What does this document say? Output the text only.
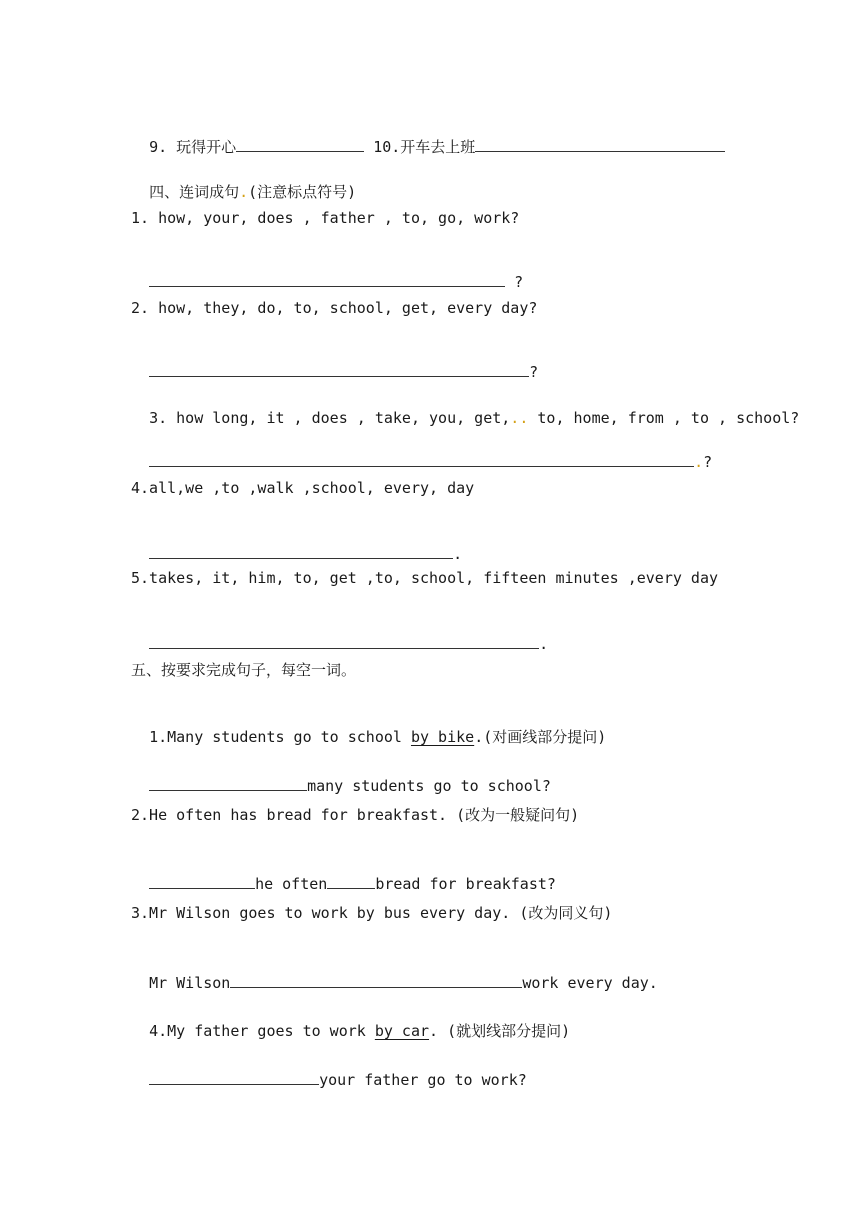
9. 玩得开心	10.开车去上班

四、连词成句.(注意标点符号)

1. how, your, does , father , to, go, work?

?

2. how, they, do, to, school, get, every day?

?

3. how long, it , does , take, you, get,.. to, home, from , to , school?

.?

4.all,we ,to ,walk ,school, every, day

.

5.takes, it, him, to, get ,to, school, fifteen minutes ,every day

.

五、按要求完成句子，每空一词。

1.Many students go to school by bike.(对画线部分提问)

many students go to school?

2.He often has bread for breakfast. (改为一般疑问句)

he often	bread for breakfast?

3.Mr Wilson goes to work by bus every day. (改为同义句)

Mr Wilson	work every day.

4.My father goes to work by car. (就划线部分提问)

your father go to work?
